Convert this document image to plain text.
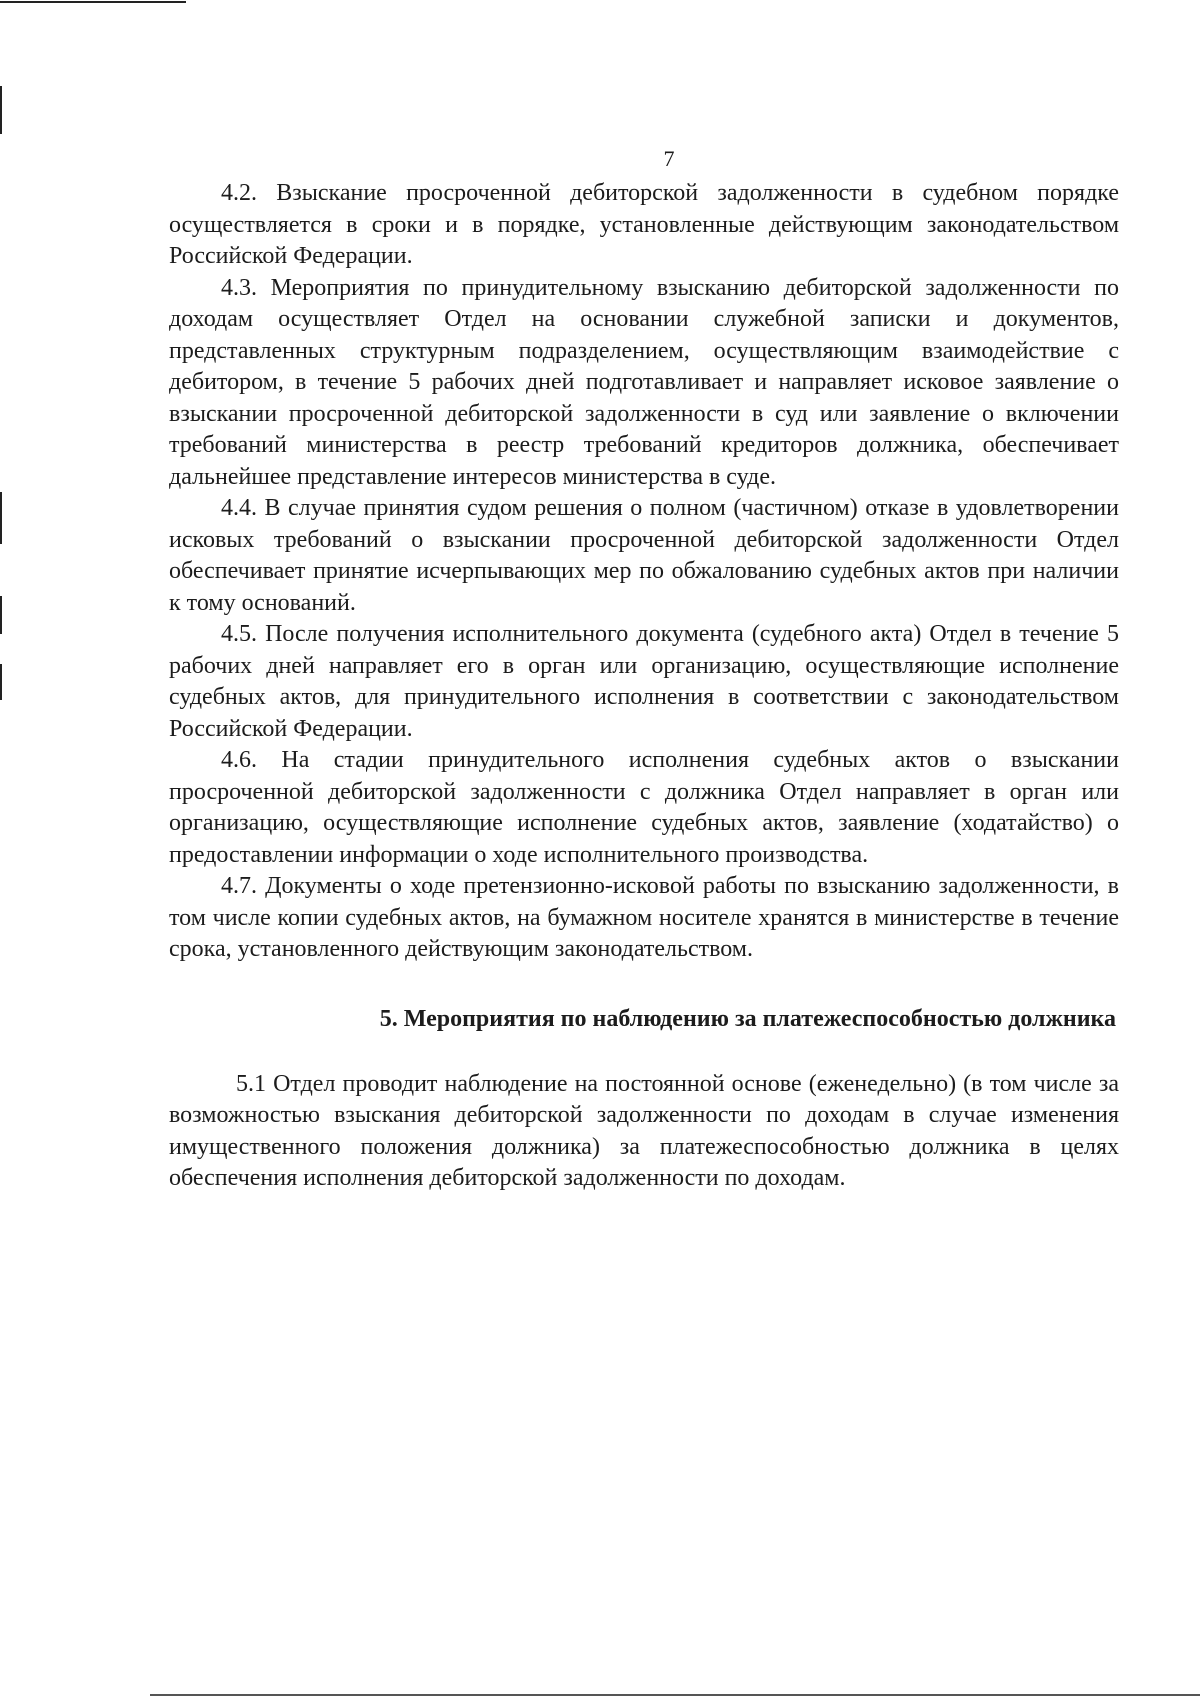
7

4.2. Взыскание просроченной дебиторской задолженности в судебном порядке осуществляется в сроки и в порядке, установленные действующим законодательством Российской Федерации.

4.3. Мероприятия по принудительному взысканию дебиторской задолженности по доходам осуществляет Отдел на основании служебной записки и документов, представленных структурным подразделением, осуществляющим взаимодействие с дебитором, в течение 5 рабочих дней подготавливает и направляет исковое заявление о взыскании просроченной дебиторской задолженности в суд или заявление о включении требований министерства в реестр требований кредиторов должника, обеспечивает дальнейшее представление интересов министерства в суде.

4.4. В случае принятия судом решения о полном (частичном) отказе в удовлетворении исковых требований о взыскании просроченной дебиторской задолженности Отдел обеспечивает принятие исчерпывающих мер по обжалованию судебных актов при наличии к тому оснований.

4.5. После получения исполнительного документа (судебного акта) Отдел в течение 5 рабочих дней направляет его в орган или организацию, осуществляющие исполнение судебных актов, для принудительного исполнения в соответствии с законодательством Российской Федерации.

4.6. На стадии принудительного исполнения судебных актов о взыскании просроченной дебиторской задолженности с должника Отдел направляет в орган или организацию, осуществляющие исполнение судебных актов, заявление (ходатайство) о предоставлении информации о ходе исполнительного производства.

4.7. Документы о ходе претензионно-исковой работы по взысканию задолженности, в том числе копии судебных актов, на бумажном носителе хранятся в министерстве в течение срока, установленного действующим законодательством.

5. Мероприятия по наблюдению за платежеспособностью должника

5.1 Отдел проводит наблюдение на постоянной основе (еженедельно) (в том числе за возможностью взыскания дебиторской задолженности по доходам в случае изменения имущественного положения должника) за платежеспособностью должника в целях обеспечения исполнения дебиторской задолженности по доходам.
